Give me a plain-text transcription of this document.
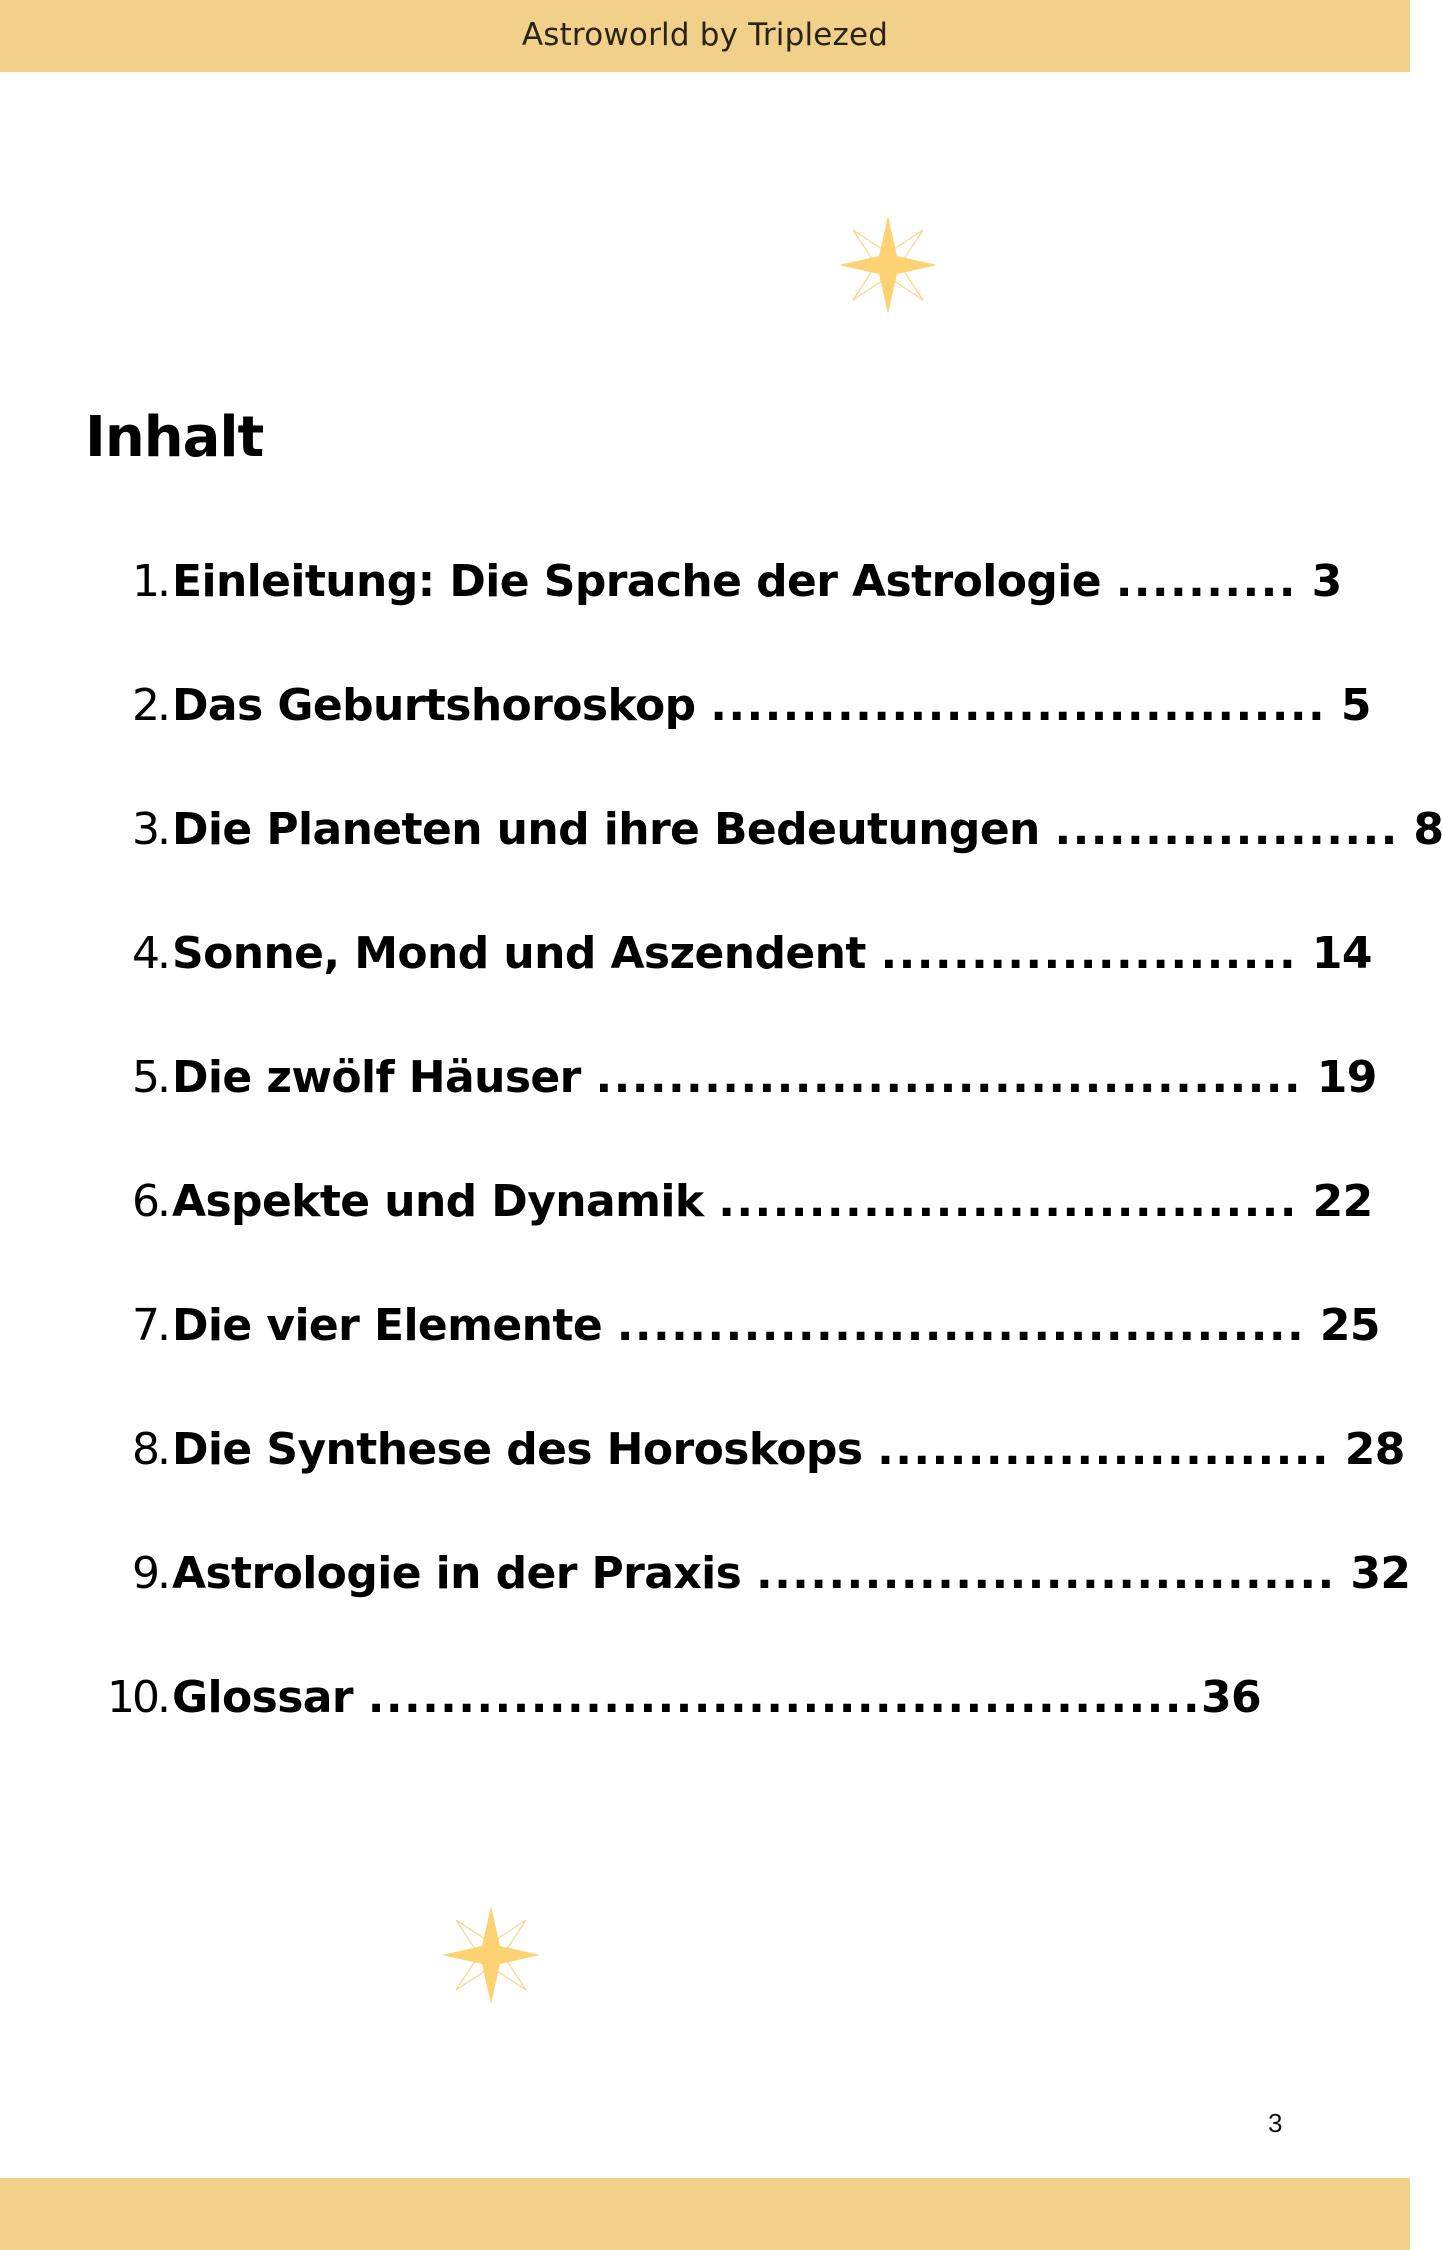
Astroworld by Triplezed
Inhalt
1. Einleitung: Die Sprache der Astrologie .......... 3
2. Das Geburtshoroskop .................................. 5
3. Die Planeten und ihre Bedeutungen ................... 8
4. Sonne, Mond und Aszendent ....................... 14
5. Die zwölf Häuser ....................................... 19
6. Aspekte und Dynamik ................................ 22
7. Die vier Elemente ...................................... 25
8. Die Synthese des Horoskops ......................... 28
9. Astrologie in der Praxis ................................ 32
10. Glossar ..............................................36
3
